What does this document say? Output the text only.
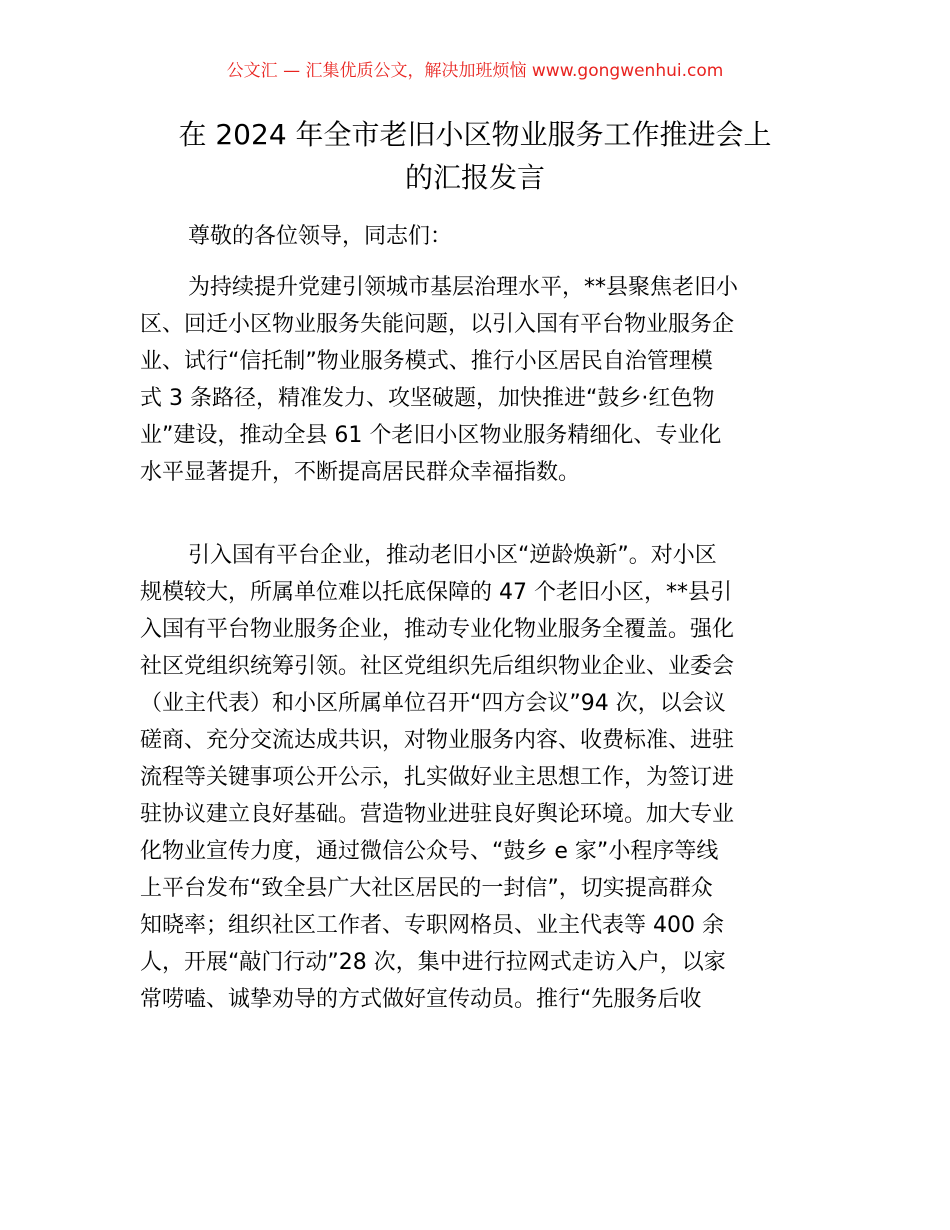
公文汇 — 汇集优质公文，解决加班烦恼 www.gongwenhui.com
在 2024 年全市老旧小区物业服务工作推进会上
的汇报发言

尊敬的各位领导，同志们：

为持续提升党建引领城市基层治理水平，**县聚焦老旧小
区、回迁小区物业服务失能问题，以引入国有平台物业服务企
业、试行“信托制”物业服务模式、推行小区居民自治管理模
式 3 条路径，精准发力、攻坚破题，加快推进“鼓乡·红色物
业”建设，推动全县 61 个老旧小区物业服务精细化、专业化
水平显著提升，不断提高居民群众幸福指数。

引入国有平台企业，推动老旧小区“逆龄焕新”。对小区
规模较大，所属单位难以托底保障的 47 个老旧小区，**县引
入国有平台物业服务企业，推动专业化物业服务全覆盖。强化
社区党组织统筹引领。社区党组织先后组织物业企业、业委会
（业主代表）和小区所属单位召开“四方会议”94 次，以会议
磋商、充分交流达成共识，对物业服务内容、收费标准、进驻
流程等关键事项公开公示，扎实做好业主思想工作，为签订进
驻协议建立良好基础。营造物业进驻良好舆论环境。加大专业
化物业宣传力度，通过微信公众号、“鼓乡 e 家”小程序等线
上平台发布“致全县广大社区居民的一封信”，切实提高群众
知晓率；组织社区工作者、专职网格员、业主代表等 400 余
人，开展“敲门行动”28 次，集中进行拉网式走访入户，以家
常唠嗑、诚挚劝导的方式做好宣传动员。推行“先服务后收
